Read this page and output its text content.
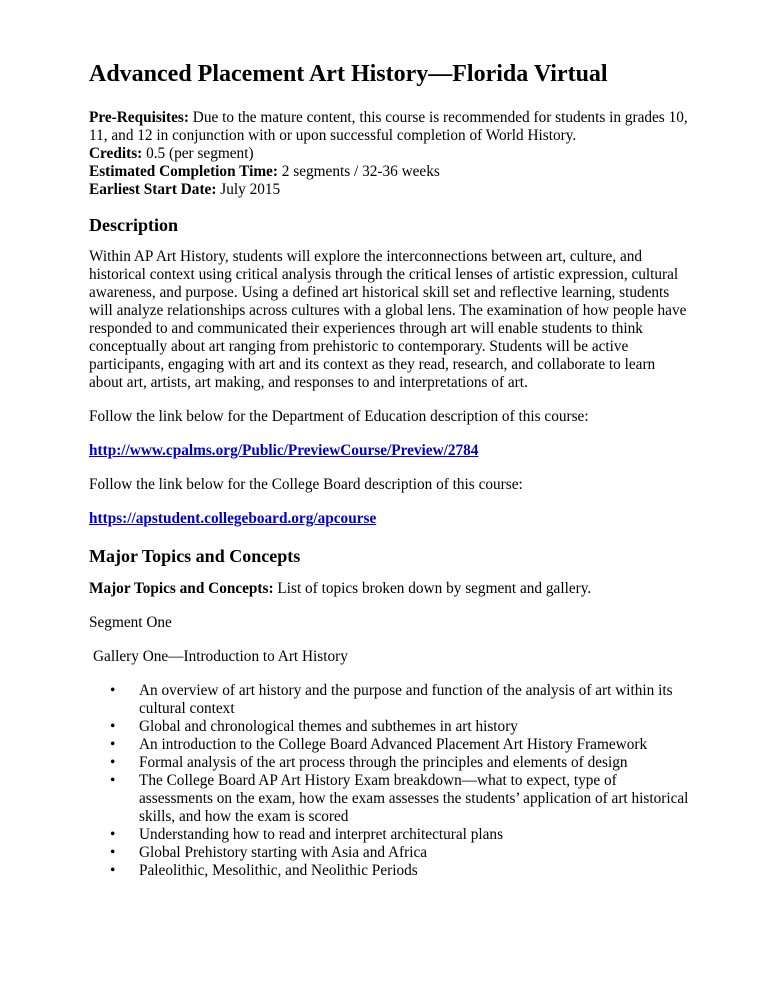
Advanced Placement Art History—Florida Virtual

Pre-Requisites: Due to the mature content, this course is recommended for students in grades 10, 11, and 12 in conjunction with or upon successful completion of World History.

Credits: 0.5 (per segment)

Estimated Completion Time: 2 segments / 32-36 weeks

Earliest Start Date: July 2015

Description

Within AP Art History, students will explore the interconnections between art, culture, and historical context using critical analysis through the critical lenses of artistic expression, cultural awareness, and purpose. Using a defined art historical skill set and reflective learning, students will analyze relationships across cultures with a global lens. The examination of how people have responded to and communicated their experiences through art will enable students to think conceptually about art ranging from prehistoric to contemporary. Students will be active participants, engaging with art and its context as they read, research, and collaborate to learn about art, artists, art making, and responses to and interpretations of art.

Follow the link below for the Department of Education description of this course:

http://www.cpalms.org/Public/PreviewCourse/Preview/2784

Follow the link below for the College Board description of this course:

https://apstudent.collegeboard.org/apcourse

Major Topics and Concepts

Major Topics and Concepts: List of topics broken down by segment and gallery.

Segment One

Gallery One—Introduction to Art History

• An overview of art history and the purpose and function of the analysis of art within its cultural context
• Global and chronological themes and subthemes in art history
• An introduction to the College Board Advanced Placement Art History Framework
• Formal analysis of the art process through the principles and elements of design
• The College Board AP Art History Exam breakdown—what to expect, type of assessments on the exam, how the exam assesses the students’ application of art historical skills, and how the exam is scored
• Understanding how to read and interpret architectural plans
• Global Prehistory starting with Asia and Africa
• Paleolithic, Mesolithic, and Neolithic Periods
